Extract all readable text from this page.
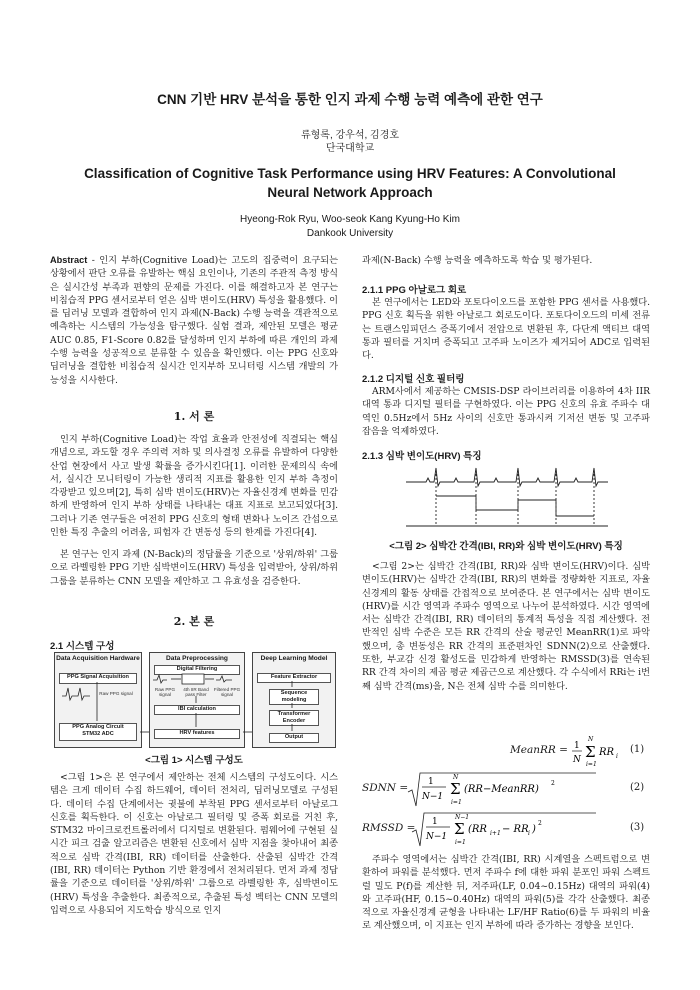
CNN 기반 HRV 분석을 통한 인지 과제 수행 능력 예측에 관한 연구
류형록, 강우석, 김경호
단국대학교
Classification of Cognitive Task Performance using HRV Features: A Convolutional
Neural Network Approach
Hyeong-Rok Ryu, Woo-seok Kang Kyung-Ho Kim
Dankook University

Abstract - 인지 부하(Cognitive Load)는 고도의 집중력이 요구되는 상황에서 판단 오류를 유발하는 핵심 요인이나, 기존의 주관적 측정 방식은 실시간성 부족과 편향의 문제를 가진다. 이를 해결하고자 본 연구는 비침습적 PPG 센서로부터 얻은 심박 변이도(HRV) 특성을 활용했다. 이를 딥러닝 모델과 결합하여 인지 과제(N-Back) 수행 능력을 객관적으로 예측하는 시스템의 가능성을 탐구했다. 실험 결과, 제안된 모델은 평균 AUC 0.85, F1-Score 0.82를 달성하며 인지 부하에 따른 개인의 과제 수행 능력을 성공적으로 분류할 수 있음을 확인했다. 이는 PPG 신호와 딥러닝을 결합한 비침습적 실시간 인지부하 모니터링 시스템 개발의 가능성을 시사한다.

1. 서 론

인지 부하(Cognitive Load)는 작업 효율과 안전성에 직결되는 핵심 개념으로, 과도할 경우 주의력 저하 및 의사결정 오류를 유발하여 다양한 산업 현장에서 사고 발생 확률을 증가시킨다[1]. 이러한 문제의식 속에서, 실시간 모니터링이 가능한 생리적 지표를 활용한 인지 부하 측정이 각광받고 있으며[2], 특히 심박 변이도(HRV)는 자율신경계 변화를 민감하게 반영하여 인지 부하 상태를 나타내는 대표 지표로 보고되었다[3]. 그러나 기존 연구들은 여전히 PPG 신호의 형태 변화나 노이즈 간섭으로 인한 특징 추출의 어려움, 피험자 간 변동성 등의 한계를 가진다[4].

본 연구는 인지 과제 (N-Back)의 정답률을 기준으로 '상위/하위' 그룹으로 라벨링한 PPG 기반 심박변이도(HRV) 특성을 입력받아, 상위/하위 그룹을 분류하는 CNN 모델을 제안하고 그 유효성을 검증한다.

2. 본 론
2.1 시스템 구성
Data Acquisition Hardware
PPG Signal Acquisition
Raw PPG signal
PPG Analog Circuit
STM32 ADC
Data Preprocessing
Digital Filtering
Raw PPG signal
4th IIR Band pass Filter
Filtered PPG signal
IBI calculation
HRV features
Deep Learning Model
Feature Extractor
Sequence modeling
Transformer Encoder
Output
<그림 1> 시스템 구성도

<그림 1>은 본 연구에서 제안하는 전체 시스템의 구성도이다. 시스템은 크게 데이터 수집 하드웨어, 데이터 전처리, 딥러닝모델로 구성된다. 데이터 수집 단계에서는 귓불에 부착된 PPG 센서로부터 아날로그 신호를 획득한다. 이 신호는 아날로그 필터링 및 증폭 회로를 거친 후, STM32 마이크로컨트롤러에서 디지털로 변환된다. 펌웨어에 구현된 실시간 피크 검출 알고리즘은 변환된 신호에서 심박 지점을 찾아내어 최종적으로 심박 간격(IBI, RR) 데이터를 산출한다. 산출된 심박간 간격(IBI, RR) 데이터는 Python 기반 환경에서 전처리된다. 먼저 과제 정답률을 기준으로 데이터를 '상위/하위' 그룹으로 라벨링한 후, 심박변이도(HRV) 특성을 추출한다. 최종적으로, 추출된 특성 벡터는 CNN 모델의 입력으로 사용되어 지도학습 방식으로 인지

과제(N-Back) 수행 능력을 예측하도록 학습 및 평가된다.

2.1.1 PPG 아날로그 회로

본 연구에서는 LED와 포토다이오드를 포함한 PPG 센서를 사용했다. PPG 신호 획득을 위한 아날로그 회로도이다. 포토다이오드의 미세 전류는 트랜스임피던스 증폭기에서 전압으로 변환된 후, 다단계 액티브 대역 통과 필터를 거치며 증폭되고 고주파 노이즈가 제거되어 ADC로 입력된다.

2.1.2 디지털 신호 필터링

ARM사에서 제공하는 CMSIS-DSP 라이브러리를 이용하여 4차 IIR 대역 통과 디지털 필터를 구현하였다. 이는 PPG 신호의 유효 주파수 대역인 0.5Hz에서 5Hz 사이의 신호만 통과시켜 기저선 변동 및 고주파 잡음을 억제하였다.

2.1.3 심박 변이도(HRV) 특징
<그림 2> 심박간 간격(IBI, RR)와 심박 변이도(HRV) 특징

<그림 2>는 심박간 간격(IBI, RR)와 심박 변이도(HRV)이다. 심박 변이도(HRV)는 심박간 간격(IBI, RR)의 변화를 정량화한 지표로, 자율신경계의 활동 상태를 간접적으로 보여준다. 본 연구에서는 심박 변이도(HRV)를 시간 영역과 주파수 영역으로 나누어 분석하였다. 시간 영역에서는 심박간 간격(IBI, RR) 데이터의 통계적 특성을 직접 계산했다. 전반적인 심박 수준은 모든 RR 간격의 산술 평균인 MeanRR(1)로 파악했으며, 총 변동성은 RR 간격의 표준편차인 SDNN(2)으로 산출했다. 또한, 부교감 신경 활성도를 민감하게 반영하는 RMSSD(3)를 연속된 RR 간격 차이의 제곱 평균 제곱근으로 계산했다. 각 수식에서 RRi는 i번째 심박 간격(ms)을, N은 전체 심박 수를 의미한다.

MeanRR = 1
N Σ
N
i=1
RR i
(1)
SDNN = 1
N−1 Σ
N
i=1
(RR−MeanRR)
2	(2)
RMSSD = 1
N−1 Σ
N−1
i=1
(RR i+1 − RR i )
2	(3)

주파수 영역에서는 심박간 간격(IBI, RR) 시계열을 스펙트럼으로 변환하여 파워를 분석했다. 먼저 주파수 f에 대한 파워 분포인 파워 스펙트럴 밀도 P(f)를 계산한 뒤, 저주파(LF, 0.04~0.15Hz) 대역의 파워(4)와 고주파(HF, 0.15~0.40Hz) 대역의 파워(5)를 각각 산출했다. 최종적으로 자율신경계 균형을 나타내는 LF/HF Ratio(6)를 두 파워의 비율로 계산했으며, 이 지표는 인지 부하에 따라 증가하는 경향을 보인다.
